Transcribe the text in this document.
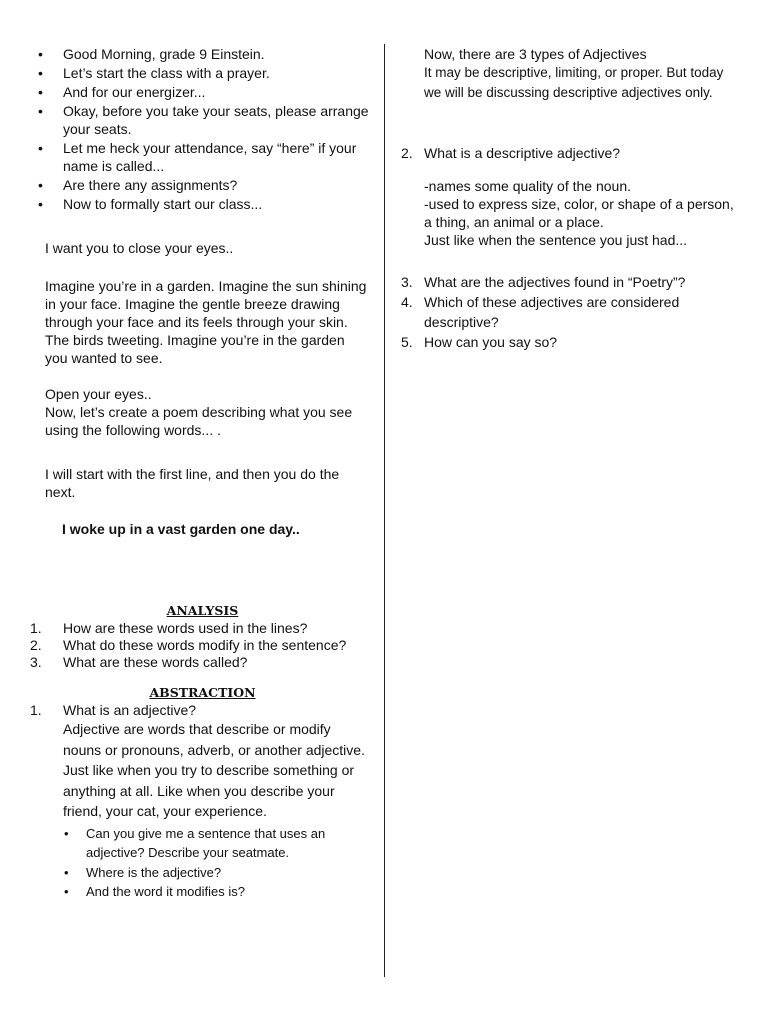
• Good Morning, grade 9 Einstein.
• Let’s start the class with a prayer.
• And for our energizer...
• Okay, before you take your seats, please arrange your seats.
• Let me heck your attendance, say “here” if your name is called...
• Are there any assignments?
• Now to formally start our class...

I want you to close your eyes..

Imagine you’re in a garden. Imagine the sun shining in your face. Imagine the gentle breeze drawing through your face and its feels through your skin. The birds tweeting. Imagine you’re in the garden you wanted to see.

Open your eyes..

Now, let’s create a poem describing what you see using the following words... .

I will start with the first line, and then you do the next.

I woke up in a vast garden one day..

ANALYSIS

1. How are these words used in the lines?
2. What do these words modify in the sentence?
3. What are these words called?

ABSTRACTION

1. What is an adjective?

Adjective are words that describe or modify nouns or pronouns, adverb, or another adjective. Just like when you try to describe something or anything at all. Like when you describe your friend, your cat, your experience.

• Can you give me a sentence that uses an adjective? Describe your seatmate.
• Where is the adjective?
• And the word it modifies is?

Now, there are 3 types of Adjectives

It may be descriptive, limiting, or proper. But today we will be discussing descriptive adjectives only.

2. What is a descriptive adjective?

-names some quality of the noun.

-used to express size, color, or shape of a person, a thing, an animal or a place.

Just like when the sentence you just had...

3. What are the adjectives found in “Poetry”?
4. Which of these adjectives are considered descriptive?
5. How can you say so?
